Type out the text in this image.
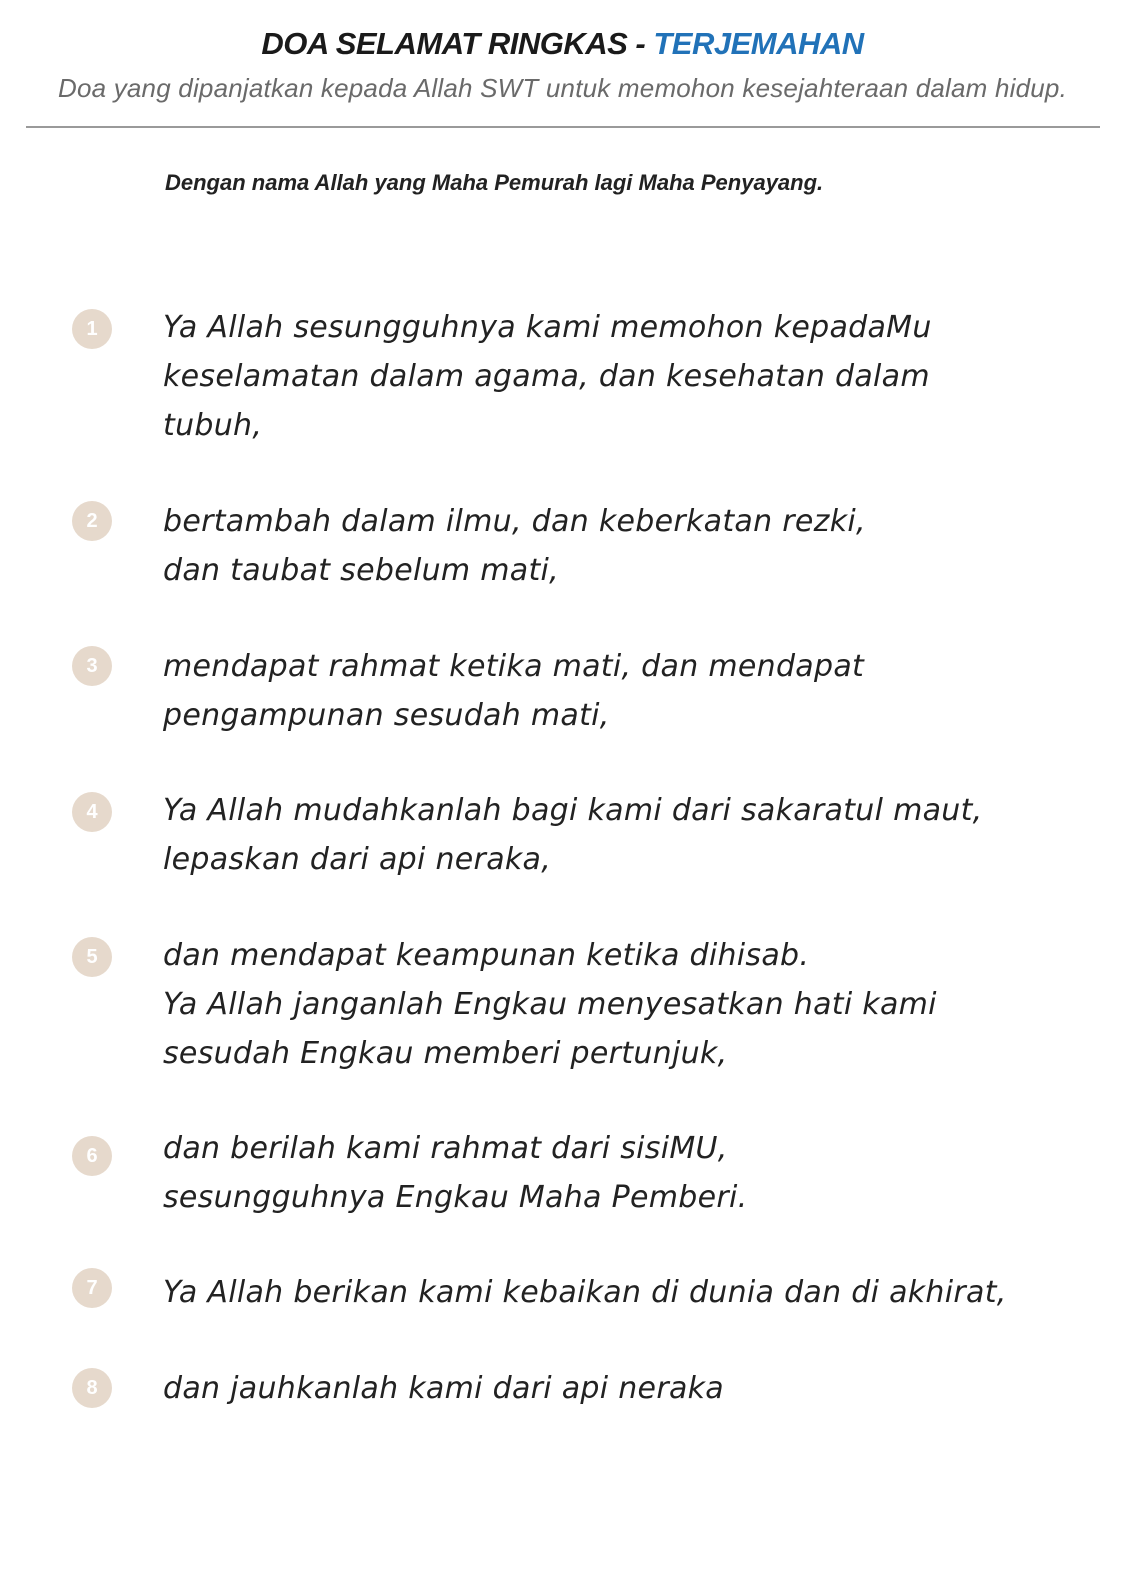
DOA SELAMAT RINGKAS - TERJEMAHAN
Doa yang dipanjatkan kepada Allah SWT untuk memohon kesejahteraan dalam hidup.
Dengan nama Allah yang Maha Pemurah lagi Maha Penyayang.
1	Ya Allah sesungguhnya kami memohon kepadaMu
keselamatan dalam agama, dan kesehatan dalam
tubuh,
2	bertambah dalam ilmu, dan keberkatan rezki,
dan taubat sebelum mati,
3	mendapat rahmat ketika mati, dan mendapat
pengampunan sesudah mati,
4	Ya Allah mudahkanlah bagi kami dari sakaratul maut,
lepaskan dari api neraka,
5	dan mendapat keampunan ketika dihisab.
Ya Allah janganlah Engkau menyesatkan hati kami
sesudah Engkau memberi pertunjuk,
6	dan berilah kami rahmat dari sisiMU,
sesungguhnya Engkau Maha Pemberi.
7	Ya Allah berikan kami kebaikan di dunia dan di akhirat,
8	dan jauhkanlah kami dari api neraka
